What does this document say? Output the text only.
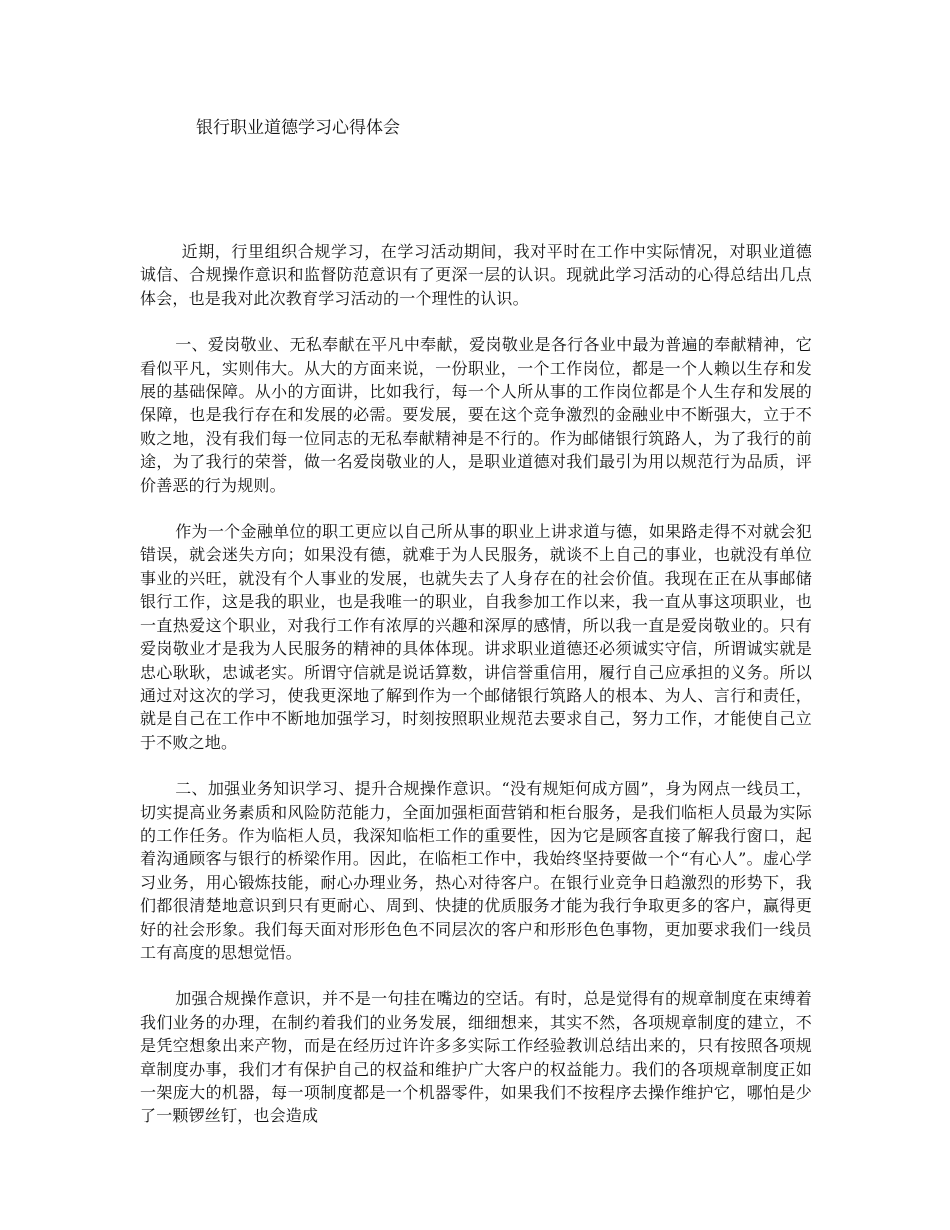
银行职业道德学习心得体会

近期，行里组织合规学习，在学习活动期间，我对平时在工作中实际情况，对职业道德诚信、合规操作意识和监督防范意识有了更深一层的认识。现就此学习活动的心得总结出几点体会，也是我对此次教育学习活动的一个理性的认识。

一、爱岗敬业、无私奉献在平凡中奉献，爱岗敬业是各行各业中最为普遍的奉献精神，它看似平凡，实则伟大。从大的方面来说，一份职业，一个工作岗位，都是一个人赖以生存和发展的基础保障。从小的方面讲，比如我行，每一个人所从事的工作岗位都是个人生存和发展的保障，也是我行存在和发展的必需。要发展，要在这个竞争激烈的金融业中不断强大，立于不败之地，没有我们每一位同志的无私奉献精神是不行的。作为邮储银行筑路人，为了我行的前途，为了我行的荣誉，做一名爱岗敬业的人，是职业道德对我们最引为用以规范行为品质，评价善恶的行为规则。

作为一个金融单位的职工更应以自己所从事的职业上讲求道与德，如果路走得不对就会犯错误，就会迷失方向；如果没有德，就难于为人民服务，就谈不上自己的事业，也就没有单位事业的兴旺，就没有个人事业的发展，也就失去了人身存在的社会价值。我现在正在从事邮储银行工作，这是我的职业，也是我唯一的职业，自我参加工作以来，我一直从事这项职业，也一直热爱这个职业，对我行工作有浓厚的兴趣和深厚的感情，所以我一直是爱岗敬业的。只有爱岗敬业才是我为人民服务的精神的具体体现。讲求职业道德还必须诚实守信，所谓诚实就是忠心耿耿，忠诚老实。所谓守信就是说话算数，讲信誉重信用，履行自己应承担的义务。所以通过对这次的学习，使我更深地了解到作为一个邮储银行筑路人的根本、为人、言行和责任，就是自己在工作中不断地加强学习，时刻按照职业规范去要求自己，努力工作，才能使自己立于不败之地。

二、加强业务知识学习、提升合规操作意识。“没有规矩何成方圆”，身为网点一线员工，切实提高业务素质和风险防范能力，全面加强柜面营销和柜台服务，是我们临柜人员最为实际的工作任务。作为临柜人员，我深知临柜工作的重要性，因为它是顾客直接了解我行窗口，起着沟通顾客与银行的桥梁作用。因此，在临柜工作中，我始终坚持要做一个“有心人”。虚心学习业务，用心锻炼技能，耐心办理业务，热心对待客户。在银行业竞争日趋激烈的形势下，我们都很清楚地意识到只有更耐心、周到、快捷的优质服务才能为我行争取更多的客户，赢得更好的社会形象。我们每天面对形形色色不同层次的客户和形形色色事物，更加要求我们一线员工有高度的思想觉悟。

加强合规操作意识，并不是一句挂在嘴边的空话。有时，总是觉得有的规章制度在束缚着我们业务的办理，在制约着我们的业务发展，细细想来，其实不然，各项规章制度的建立，不是凭空想象出来产物，而是在经历过许许多多实际工作经验教训总结出来的，只有按照各项规章制度办事，我们才有保护自己的权益和维护广大客户的权益能力。我们的各项规章制度正如一架庞大的机器，每一项制度都是一个机器零件，如果我们不按程序去操作维护它，哪怕是少了一颗锣丝钉，也会造成
